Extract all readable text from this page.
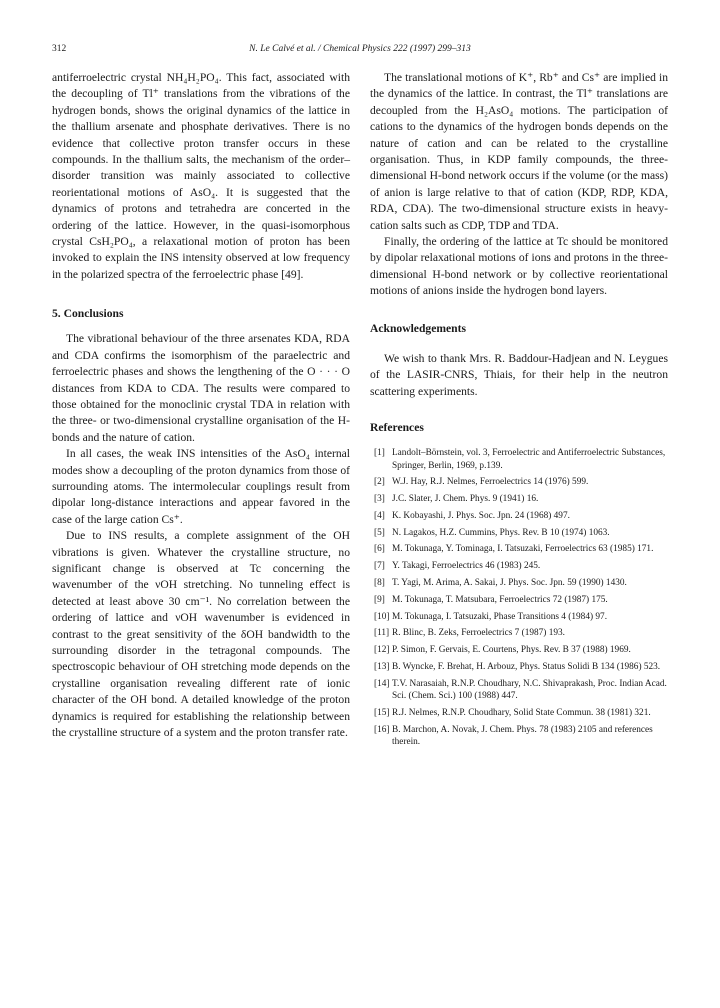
312	N. Le Calvé et al. / Chemical Physics 222 (1997) 299–313

antiferroelectric crystal NH₄H₂PO₄. This fact, associated with the decoupling of Tl⁺ translations from the vibrations of the hydrogen bonds, shows the original dynamics of the lattice in the thallium arsenate and phosphate derivatives. There is no evidence that collective proton transfer occurs in these compounds. In the thallium salts, the mechanism of the order–disorder transition was mainly associated to collective reorientational motions of AsO₄. It is suggested that the dynamics of protons and tetrahedra are concerted in the ordering of the lattice. However, in the quasi-isomorphous crystal CsH₂PO₄, a relaxational motion of proton has been invoked to explain the INS intensity observed at low frequency in the polarized spectra of the ferroelectric phase [49].

5. Conclusions

The vibrational behaviour of the three arsenates KDA, RDA and CDA confirms the isomorphism of the paraelectric and ferroelectric phases and shows the lengthening of the O · · · O distances from KDA to CDA. The results were compared to those obtained for the monoclinic crystal TDA in relation with the three- or two-dimensional crystalline organisation of the H-bonds and the nature of cation.

In all cases, the weak INS intensities of the AsO₄ internal modes show a decoupling of the proton dynamics from those of surrounding atoms. The intermolecular couplings result from dipolar long-distance interactions and appear favored in the case of the large cation Cs⁺.

Due to INS results, a complete assignment of the OH vibrations is given. Whatever the crystalline structure, no significant change is observed at Tc concerning the wavenumber of the νOH stretching. No tunneling effect is detected at least above 30 cm⁻¹. No correlation between the ordering of lattice and νOH wavenumber is evidenced in contrast to the great sensitivity of the δOH bandwidth to the surrounding disorder in the tetragonal compounds. The spectroscopic behaviour of OH stretching mode depends on the crystalline organisation revealing different rate of ionic character of the OH bond. A detailed knowledge of the proton dynamics is required for establishing the relationship between the crystalline structure of a system and the proton transfer rate.

The translational motions of K⁺, Rb⁺ and Cs⁺ are implied in the dynamics of the lattice. In contrast, the Tl⁺ translations are decoupled from the H₂AsO₄ motions. The participation of cations to the dynamics of the hydrogen bonds depends on the nature of cation and can be related to the crystalline organisation. Thus, in KDP family compounds, the three-dimensional H-bond network occurs if the volume (or the mass) of anion is large relative to that of cation (KDP, RDP, KDA, RDA, CDA). The two-dimensional structure exists in heavy-cation salts such as CDP, TDP and TDA.

Finally, the ordering of the lattice at Tc should be monitored by dipolar relaxational motions of ions and protons in the three-dimensional H-bond network or by collective reorientational motions of anions inside the hydrogen bond layers.

Acknowledgements

We wish to thank Mrs. R. Baddour-Hadjean and N. Leygues of the LASIR-CNRS, Thiais, for their help in the neutron scattering experiments.

References
[1] Landolt–Börnstein, vol. 3, Ferroelectric and Antiferroelectric Substances, Springer, Berlin, 1969, p.139.
[2] W.J. Hay, R.J. Nelmes, Ferroelectrics 14 (1976) 599.
[3] J.C. Slater, J. Chem. Phys. 9 (1941) 16.
[4] K. Kobayashi, J. Phys. Soc. Jpn. 24 (1968) 497.
[5] N. Lagakos, H.Z. Cummins, Phys. Rev. B 10 (1974) 1063.
[6] M. Tokunaga, Y. Tominaga, I. Tatsuzaki, Ferroelectrics 63 (1985) 171.
[7] Y. Takagi, Ferroelectrics 46 (1983) 245.
[8] T. Yagi, M. Arima, A. Sakai, J. Phys. Soc. Jpn. 59 (1990) 1430.
[9] M. Tokunaga, T. Matsubara, Ferroelectrics 72 (1987) 175.
[10] M. Tokunaga, I. Tatsuzaki, Phase Transitions 4 (1984) 97.
[11] R. Blinc, B. Zeks, Ferroelectrics 7 (1987) 193.
[12] P. Simon, F. Gervais, E. Courtens, Phys. Rev. B 37 (1988) 1969.
[13] B. Wyncke, F. Brehat, H. Arbouz, Phys. Status Solidi B 134 (1986) 523.
[14] T.V. Narasaiah, R.N.P. Choudhary, N.C. Shivaprakash, Proc. Indian Acad. Sci. (Chem. Sci.) 100 (1988) 447.
[15] R.J. Nelmes, R.N.P. Choudhary, Solid State Commun. 38 (1981) 321.
[16] B. Marchon, A. Novak, J. Chem. Phys. 78 (1983) 2105 and references therein.
